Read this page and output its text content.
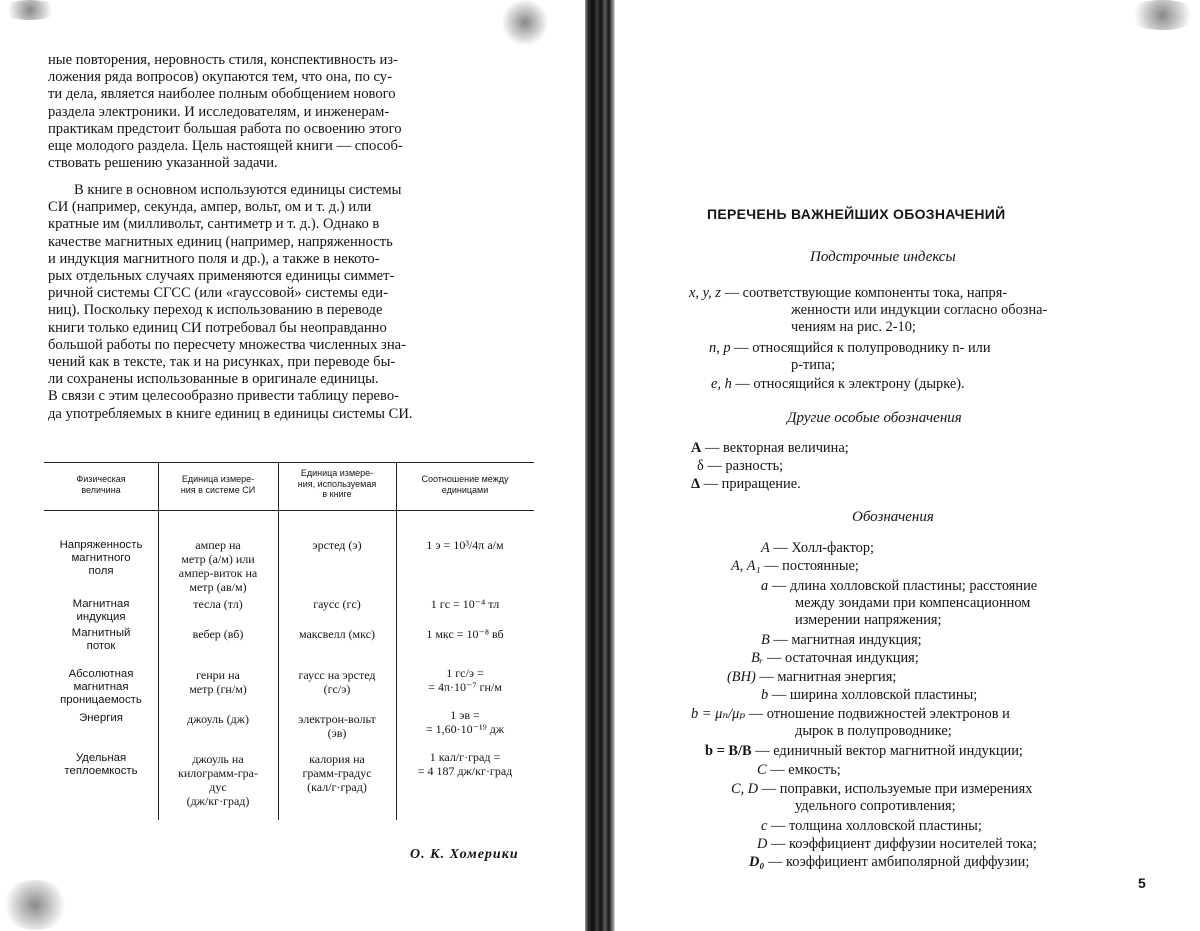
ные повторения, неровность стиля, конспективность из-
ложения ряда вопросов) окупаются тем, что она, по су-
ти дела, является наиболее полным обобщением нового
раздела электроники. И исследователям, и инженерам-
практикам предстоит большая работа по освоению этого
еще молодого раздела. Цель настоящей книги — способ-
ствовать решению указанной задачи.
В книге в основном используются единицы системы
СИ (например, секунда, ампер, вольт, ом и т. д.) или
кратные им (милливольт, сантиметр и т. д.). Однако в
качестве магнитных единиц (например, напряженность
и индукция магнитного поля и др.), а также в некото-
рых отдельных случаях применяются единицы симмет-
ричной системы СГСС (или «гауссовой» системы еди-
ниц). Поскольку переход к использованию в переводе
книги только единиц СИ потребовал бы неоправданно
большой работы по пересчету множества численных зна-
чений как в тексте, так и на рисунках, при переводе бы-
ли сохранены использованные в оригинале единицы.
В связи с этим целесообразно привести таблицу перево-
да употребляемых в книге единиц в единицы системы СИ.
Физическая
величина
Единица измере-
ния в системе СИ
Единица измере-
ния, используемая
в книге
Соотношение между
единицами
Напряженность
магнитного
поля
ампер на
метр (а/м) или
ампер-виток на
метр (ав/м)
эрстед (э)	1 э = 10³/4π а/м
Магнитная
индукция
тесла (тл)	гаусс (гс)	1 гс = 10⁻⁴ тл
Магнитный
поток
вебер (вб)	максвелл (мкс)	1 мкс = 10⁻⁸ вб
Абсолютная
магнитная
проницаемость
генри на
метр (гн/м)
гаусс на эрстед
(гс/э)
1 гс/э =
= 4π·10⁻⁷ гн/м
Энергия	джоуль (дж)	электрон-вольт
(эв)
1 эв =
= 1,60·10⁻¹⁹ дж
Удельная
теплоемкость
джоуль на
килограмм-гра-
дус
(дж/кг·град)
калория на
грамм-градус
(кал/г·град)
1 кал/г·град =
= 4 187 дж/кг·град
О. К. Хомерики
ПЕРЕЧЕНЬ ВАЖНЕЙШИХ ОБОЗНАЧЕНИЙ
Подстрочные индексы
x, y, z — соответствующие компоненты тока, напря-
женности или индукции согласно обозна-
чениям на рис. 2-10;
n, p — относящийся к полупроводнику n- или
p-типа;
e, h — относящийся к электрону (дырке).
Другие особые обозначения
A — векторная величина;
δ — разность;
Δ — приращение.
Обозначения
A — Холл-фактор;
A, A₁ — постоянные;
a — длина холловской пластины; расстояние
между зондами при компенсационном
измерении напряжения;
B — магнитная индукция;
Bᵣ — остаточная индукция;
(BH) — магнитная энергия;
b — ширина холловской пластины;
b = μₙ/μₚ — отношение подвижностей электронов и
дырок в полупроводнике;
b = B/B — единичный вектор магнитной индукции;
C — емкость;
C, D — поправки, используемые при измерениях
удельного сопротивления;
c — толщина холловской пластины;
D — коэффициент диффузии носителей тока;
D₀ — коэффициент амбиполярной диффузии;
5
